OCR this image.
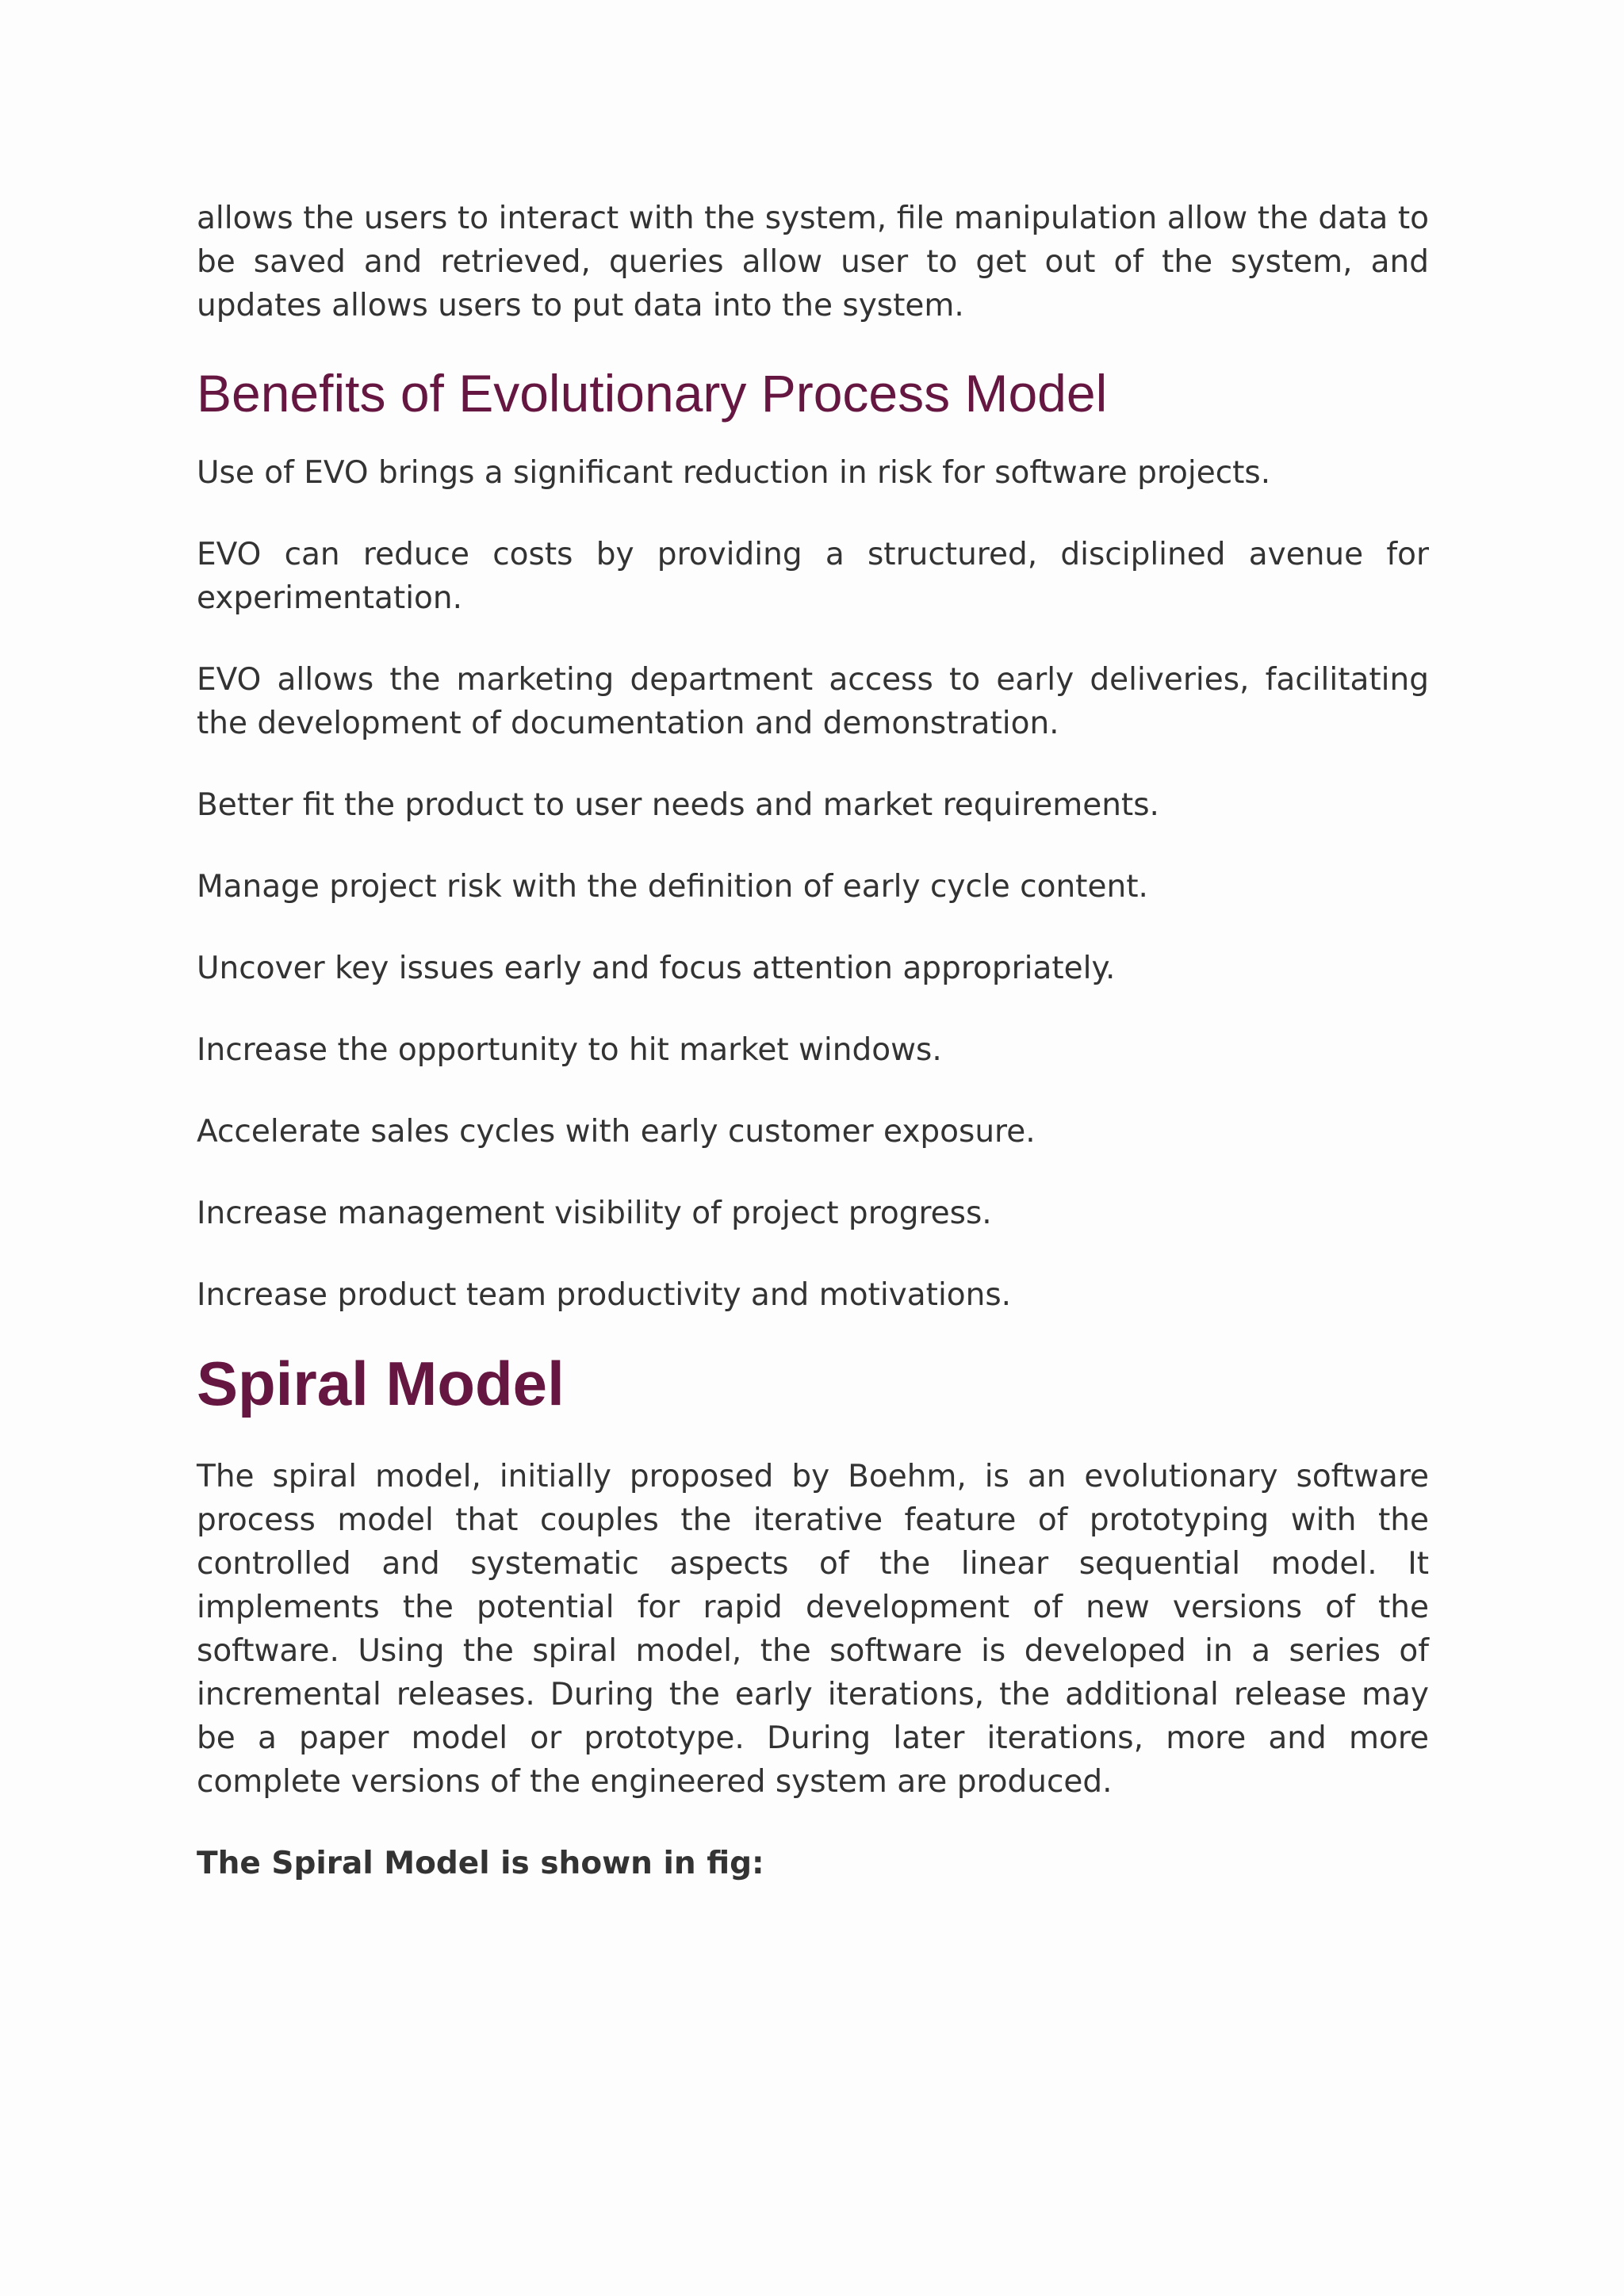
allows the users to interact with the system, file manipulation allow the data to be saved and retrieved, queries allow user to get out of the system, and updates allows users to put data into the system.

Benefits of Evolutionary Process Model

Use of EVO brings a significant reduction in risk for software projects.

EVO can reduce costs by providing a structured, disciplined avenue for experimentation.

EVO allows the marketing department access to early deliveries, facilitating the development of documentation and demonstration.

Better fit the product to user needs and market requirements.

Manage project risk with the definition of early cycle content.

Uncover key issues early and focus attention appropriately.

Increase the opportunity to hit market windows.

Accelerate sales cycles with early customer exposure.

Increase management visibility of project progress.

Increase product team productivity and motivations.

Spiral Model

The spiral model, initially proposed by Boehm, is an evolutionary software process model that couples the iterative feature of prototyping with the controlled and systematic aspects of the linear sequential model. It implements the potential for rapid development of new versions of the software. Using the spiral model, the software is developed in a series of incremental releases. During the early iterations, the additional release may be a paper model or prototype. During later iterations, more and more complete versions of the engineered system are produced.

The Spiral Model is shown in fig:
